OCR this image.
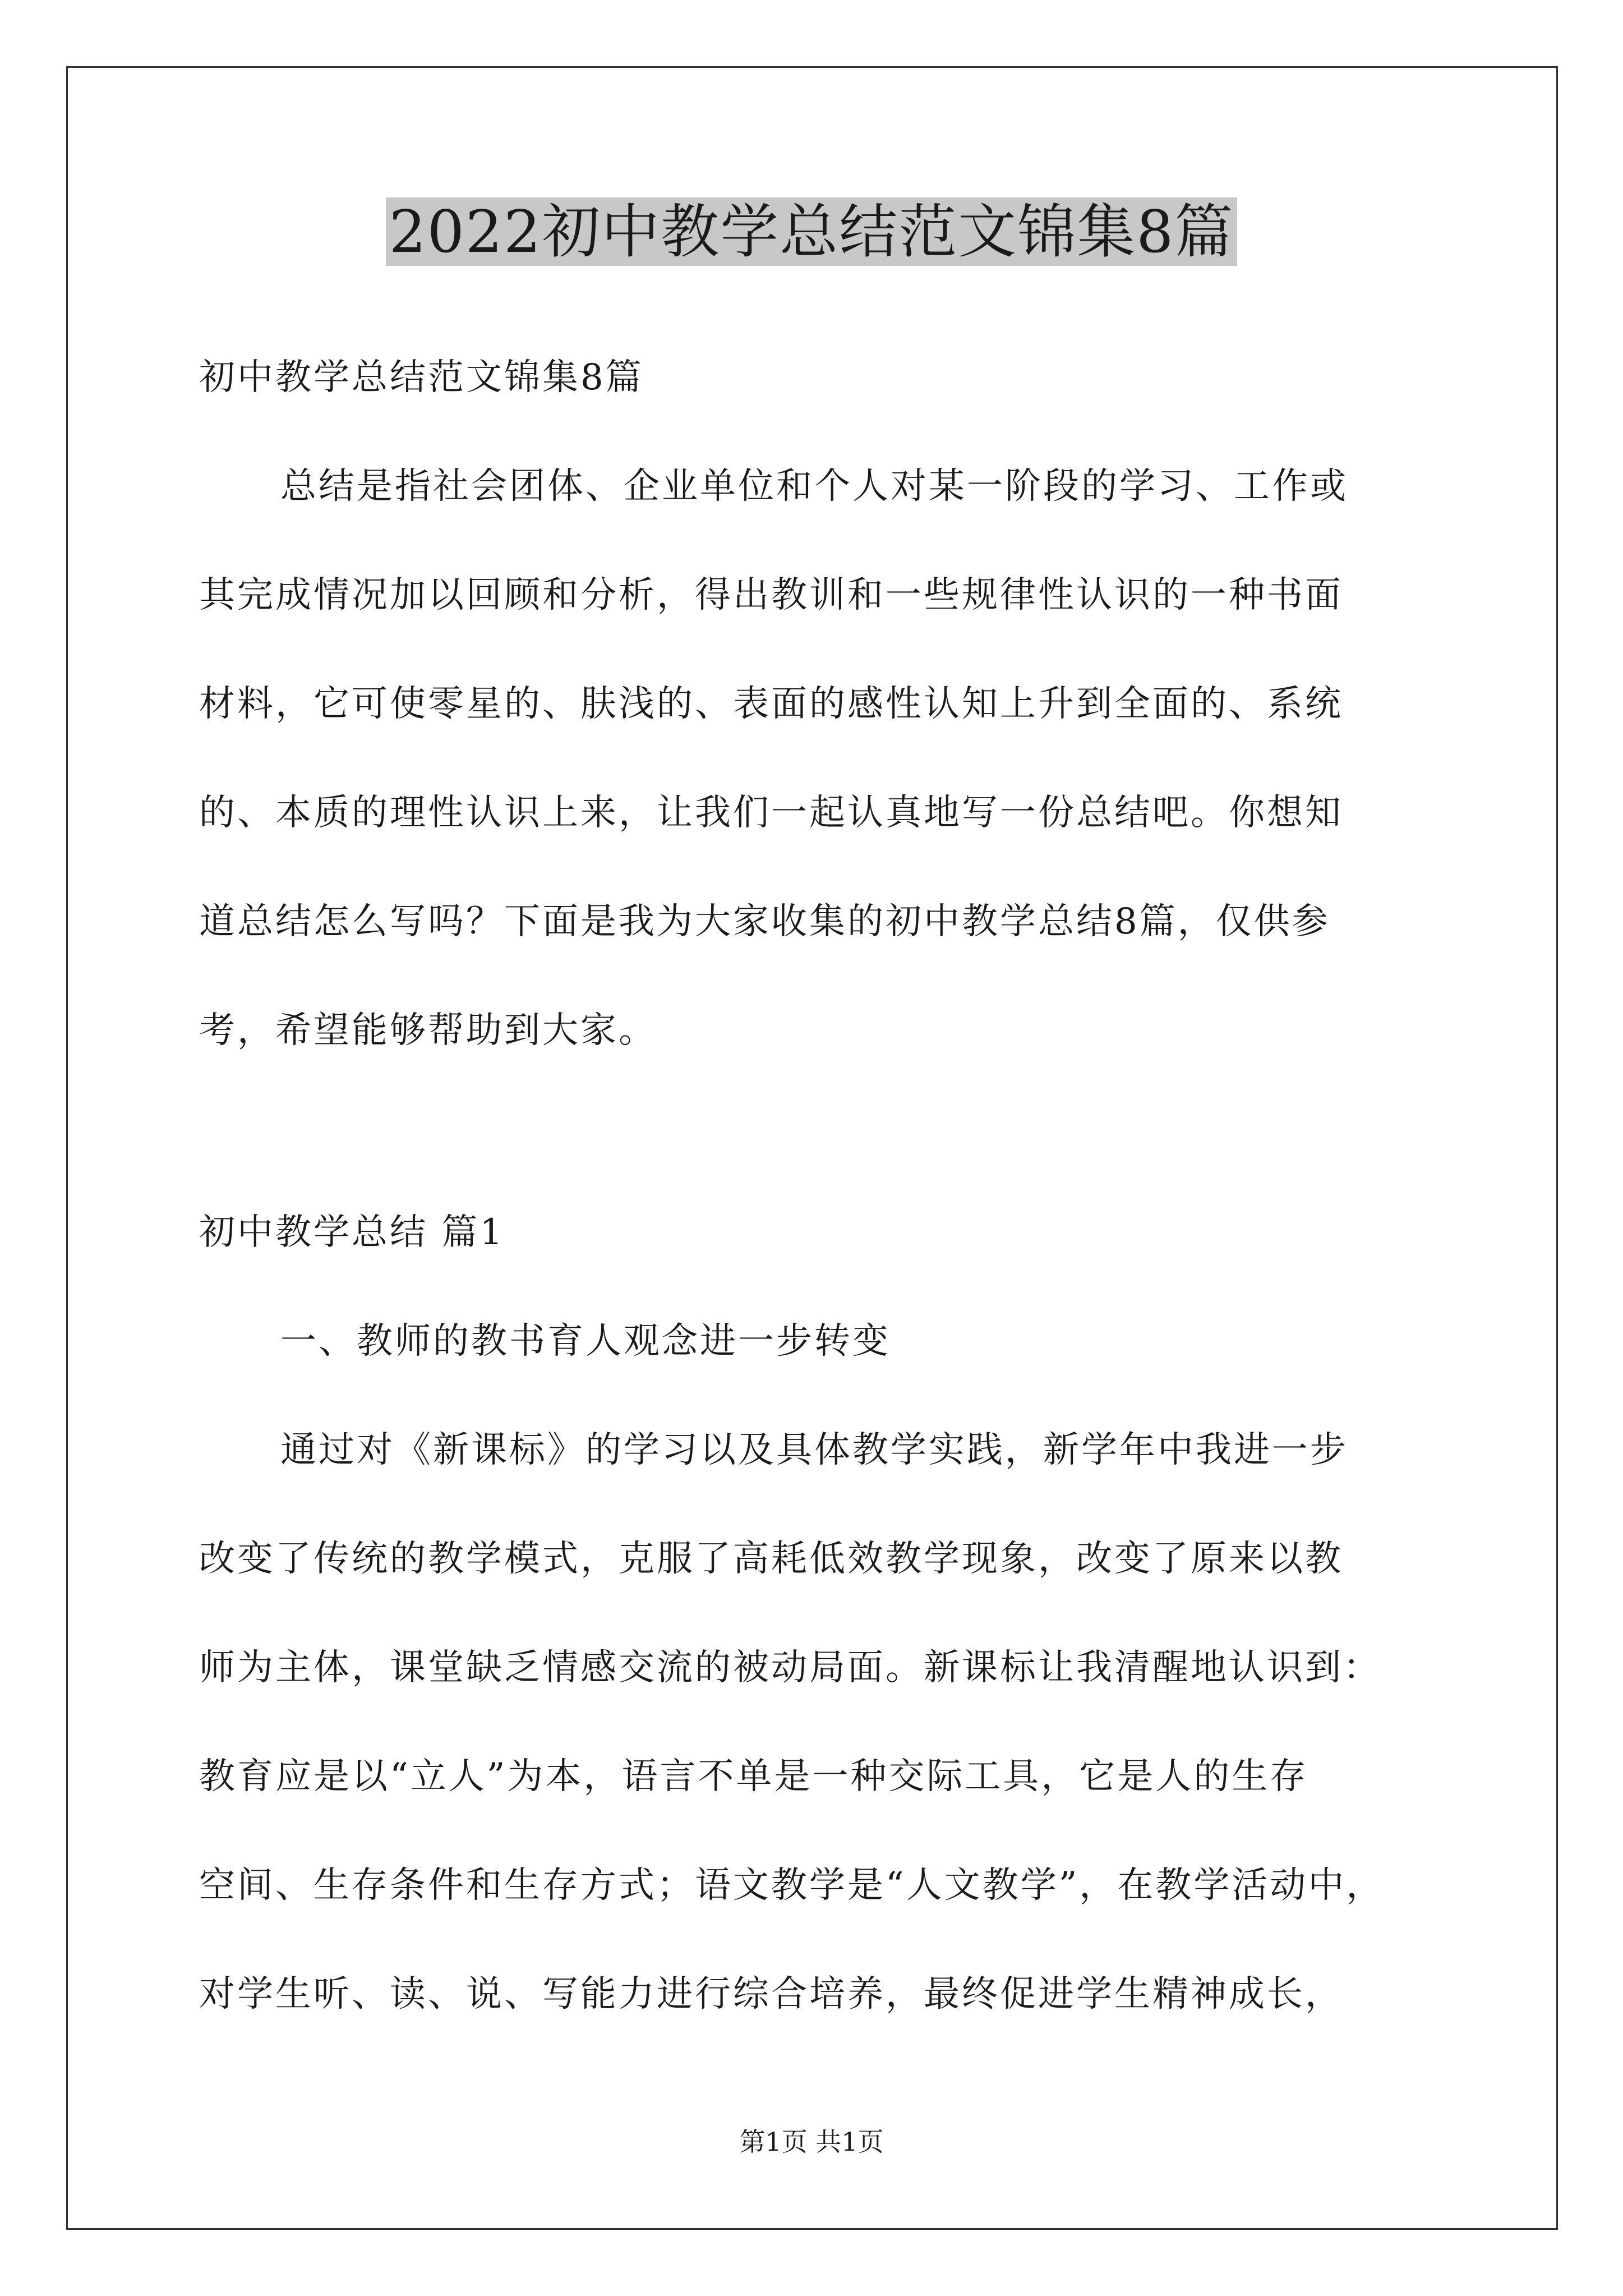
2022初中教学总结范文锦集8篇
初中教学总结范文锦集8篇
总结是指社会团体、企业单位和个人对某一阶段的学习、工作或
其完成情况加以回顾和分析，得出教训和一些规律性认识的一种书面
材料，它可使零星的、肤浅的、表面的感性认知上升到全面的、系统
的、本质的理性认识上来，让我们一起认真地写一份总结吧。你想知
道总结怎么写吗？下面是我为大家收集的初中教学总结8篇，仅供参
考，希望能够帮助到大家。
初中教学总结 篇1
一、教师的教书育人观念进一步转变
通过对《新课标》的学习以及具体教学实践，新学年中我进一步
改变了传统的教学模式，克服了高耗低效教学现象，改变了原来以教
师为主体，课堂缺乏情感交流的被动局面。新课标让我清醒地认识到：
教育应是以“立人”为本，语言不单是一种交际工具，它是人的生存
空间、生存条件和生存方式；语文教学是“人文教学”，在教学活动中，
对学生听、读、说、写能力进行综合培养，最终促进学生精神成长，
第1页 共1页
